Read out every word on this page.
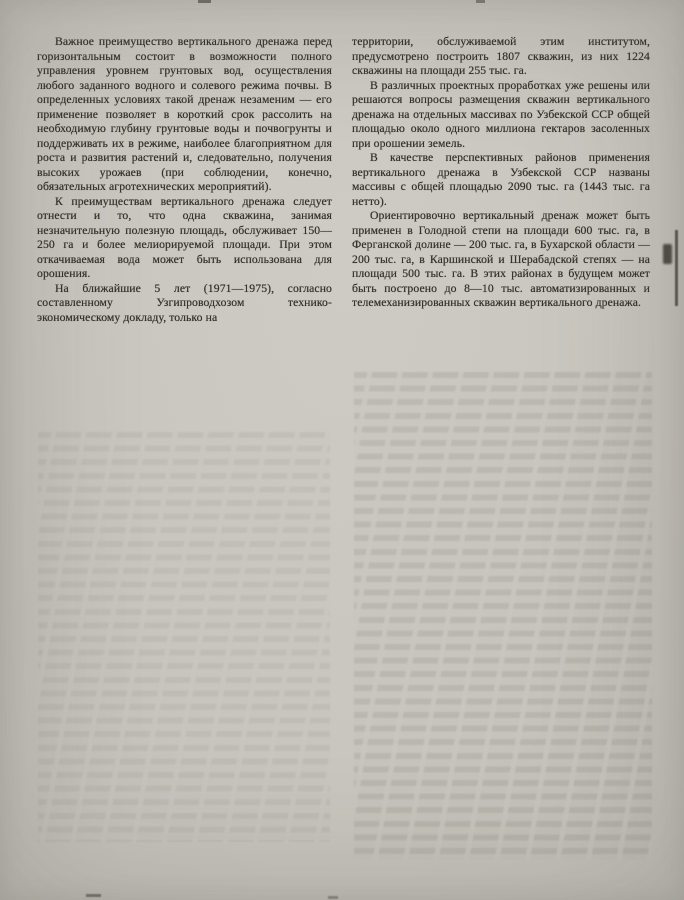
Важное преимущество вертикального дренажа перед горизонтальным состоит в возможности полного управления уровнем грунтовых вод, осуществления любого заданного водного и солевого режима почвы. В определенных условиях такой дренаж незаменим — его применение позволяет в короткий срок рассолить на необходимую глубину грунтовые воды и почвогрунты и поддерживать их в режиме, наиболее благоприятном для роста и развития растений и, следовательно, получения высоких урожаев (при соблюдении, конечно, обязательных агротехнических мероприятий).

К преимуществам вертикального дренажа следует отнести и то, что одна скважина, занимая незначительную полезную площадь, обслуживает 150—250 га и более мелиорируемой площади. При этом откачиваемая вода может быть использована для орошения.

На ближайшие 5 лет (1971—1975), согласно составленному Узгипроводхозом технико-экономическому докладу, только на

территории, обслуживаемой этим институтом, предусмотрено построить 1807 скважин, из них 1224 скважины на площади 255 тыс. га.

В различных проектных проработках уже решены или решаются вопросы размещения скважин вертикального дренажа на отдельных массивах по Узбекской ССР общей площадью около одного миллиона гектаров засоленных при орошении земель.

В качестве перспективных районов применения вертикального дренажа в Узбекской ССР названы массивы с общей площадью 2090 тыс. га (1443 тыс. га нетто).

Ориентировочно вертикальный дренаж может быть применен в Голодной степи на площади 600 тыс. га, в Ферганской долине — 200 тыс. га, в Бухарской области — 200 тыс. га, в Каршинской и Шерабадской степях — на площади 500 тыс. га. В этих районах в будущем может быть построено до 8—10 тыс. автоматизированных и телемеханизированных скважин вертикального дренажа.
